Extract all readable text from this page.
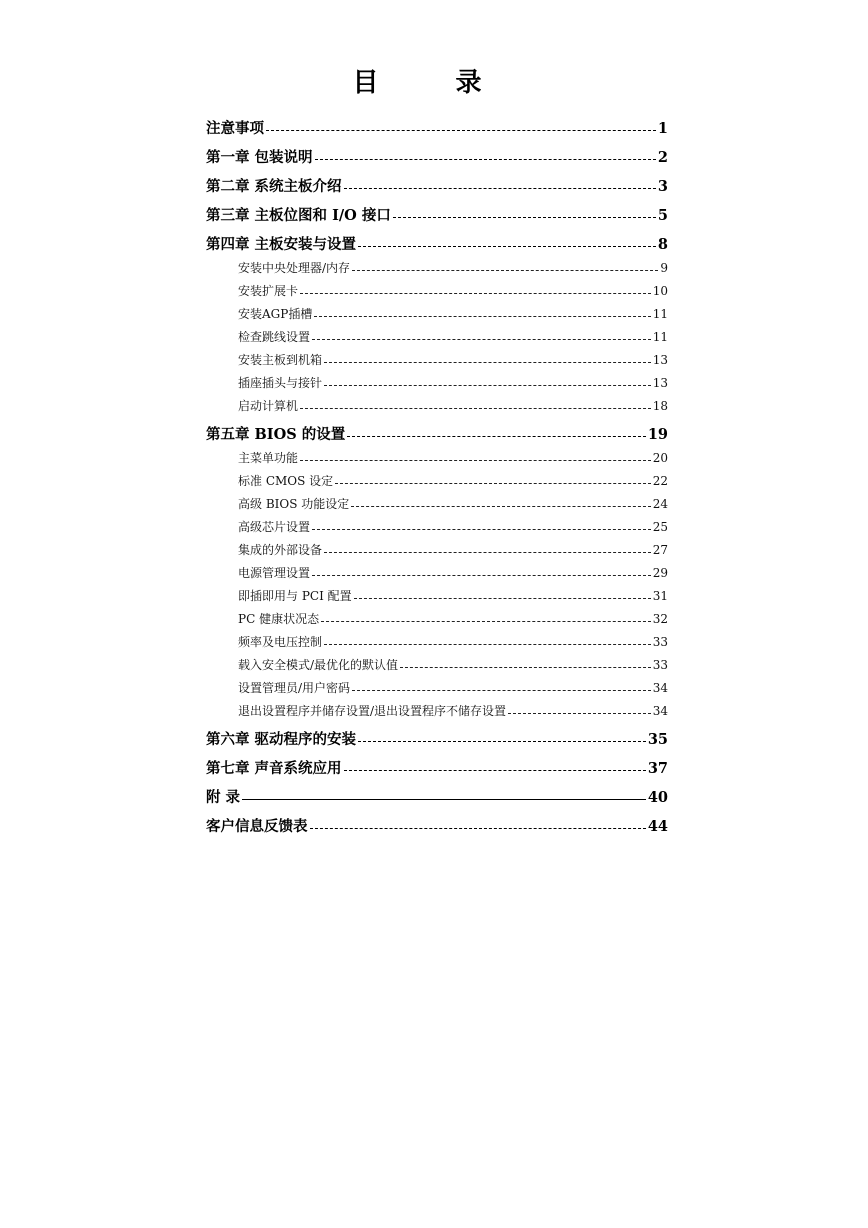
目 录
注意事项	1
第一章 包装说明	2
第二章 系统主板介绍	3
第三章 主板位图和 I/O 接口	5
第四章 主板安装与设置	8
安装中央处理器/内存	9
安装扩展卡	10
安装AGP插槽	11
检查跳线设置	11
安装主板到机箱	13
插座插头与接针	13
启动计算机	18
第五章 BIOS 的设置	19
主菜单功能	20
标准 CMOS 设定	22
高级 BIOS 功能设定	24
高级芯片设置	25
集成的外部设备	27
电源管理设置	29
即插即用与 PCI 配置	31
PC 健康状况态	32
频率及电压控制	33
载入安全模式/最优化的默认值	33
设置管理员/用户密码	34
退出设置程序并储存设置/退出设置程序不储存设置	34
第六章 驱动程序的安装	35
第七章 声音系统应用	37
附 录	40
客户信息反馈表	44
